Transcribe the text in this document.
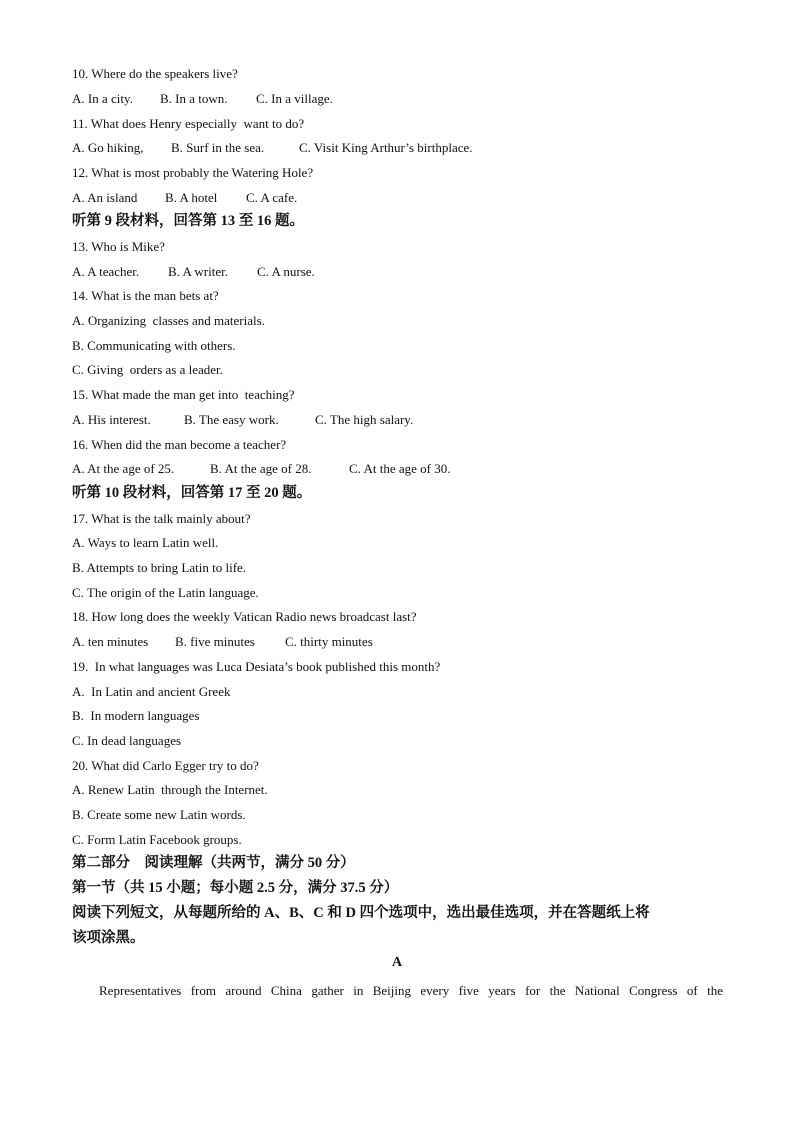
10. Where do the speakers live?
A. In a city. B. In a town. C. In a village.
11. What does Henry especially  want to do?
A. Go hiking, B. Surf in the sea.	C. Visit King Arthur’s birthplace.
12. What is most probably the Watering Hole?
A. An island B. A hotel C. A cafe.
听第 9 段材料，回答第 13 至 16 题。
13. Who is Mike?
A. A teacher. B. A writer. C. A nurse.
14. What is the man bets at?
A. Organizing  classes and materials.
B. Communicating with others.
C. Giving  orders as a leader.
15. What made the man get into  teaching?
A. His interest.	B. The easy work.	C. The high salary.
16. When did the man become a teacher?
A. At the age of 25.	B. At the age of 28.	C. At the age of 30.
听第 10 段材料，回答第 17 至 20 题。
17. What is the talk mainly about?
A. Ways to learn Latin well.
B. Attempts to bring Latin to life.
C. The origin of the Latin language.
18. How long does the weekly Vatican Radio news broadcast last?
A. ten minutes B. five minutes C. thirty minutes
19.  In what languages was Luca Desiata’s book published this month?
A.  In Latin and ancient Greek
B.  In modern languages
C. In dead languages
20. What did Carlo Egger try to do?
A. Renew Latin  through the Internet.
B. Create some new Latin words.
C. Form Latin Facebook groups.
第二部分　阅读理解（共两节，满分 50 分）
第一节（共 15 小题；每小题 2.5 分，满分 37.5 分）
阅读下列短文，从每题所给的 A、B、C 和 D 四个选项中，选出最佳选项，并在答题纸上将
该项涂黑。
A
Representatives from around China gather in Beijing every five years for the National Congress of the
